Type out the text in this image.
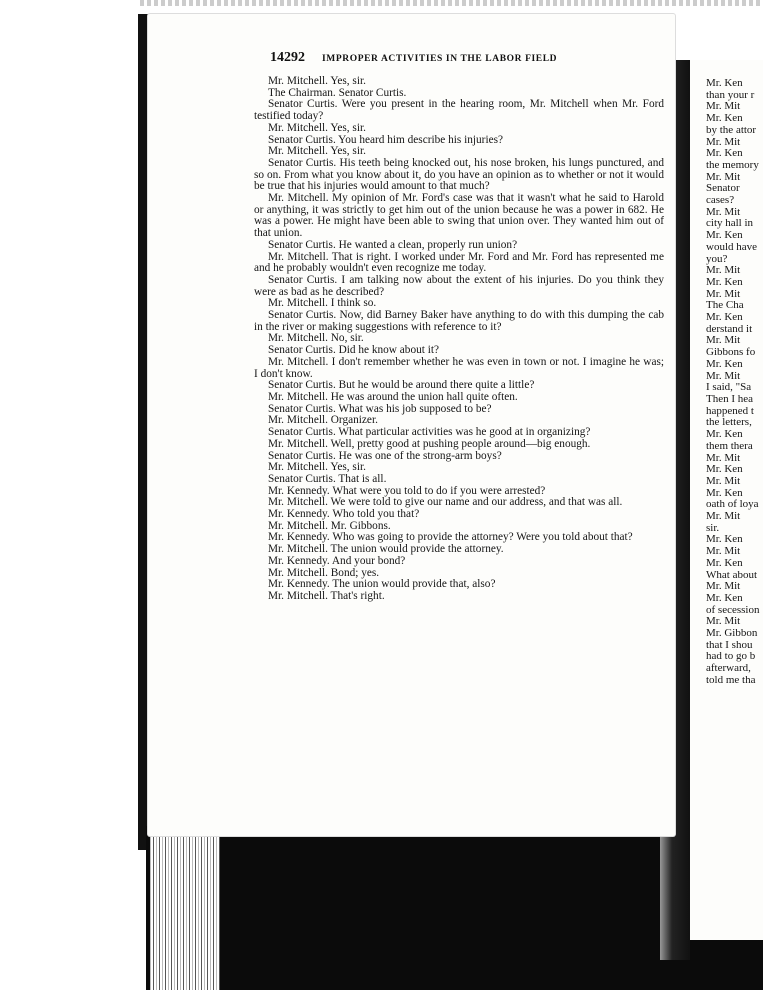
14292 IMPROPER ACTIVITIES IN THE LABOR FIELD

Mr. Mitchell. Yes, sir.

The Chairman. Senator Curtis.

Senator Curtis. Were you present in the hearing room, Mr. Mitchell when Mr. Ford testified today?

Mr. Mitchell. Yes, sir.

Senator Curtis. You heard him describe his injuries?

Mr. Mitchell. Yes, sir.

Senator Curtis. His teeth being knocked out, his nose broken, his lungs punctured, and so on. From what you know about it, do you have an opinion as to whether or not it would be true that his injuries would amount to that much?

Mr. Mitchell. My opinion of Mr. Ford's case was that it wasn't what he said to Harold or anything, it was strictly to get him out of the union because he was a power in 682. He was a power. He might have been able to swing that union over. They wanted him out of that union.

Senator Curtis. He wanted a clean, properly run union?

Mr. Mitchell. That is right. I worked under Mr. Ford and Mr. Ford has represented me and he probably wouldn't even recognize me today.

Senator Curtis. I am talking now about the extent of his injuries. Do you think they were as bad as he described?

Mr. Mitchell. I think so.

Senator Curtis. Now, did Barney Baker have anything to do with this dumping the cab in the river or making suggestions with reference to it?

Mr. Mitchell. No, sir.

Senator Curtis. Did he know about it?

Mr. Mitchell. I don't remember whether he was even in town or not. I imagine he was; I don't know.

Senator Curtis. But he would be around there quite a little?

Mr. Mitchell. He was around the union hall quite often.

Senator Curtis. What was his job supposed to be?

Mr. Mitchell. Organizer.

Senator Curtis. What particular activities was he good at in organizing?

Mr. Mitchell. Well, pretty good at pushing people around—big enough.

Senator Curtis. He was one of the strong-arm boys?

Mr. Mitchell. Yes, sir.

Senator Curtis. That is all.

Mr. Kennedy. What were you told to do if you were arrested?

Mr. Mitchell. We were told to give our name and our address, and that was all.

Mr. Kennedy. Who told you that?

Mr. Mitchell. Mr. Gibbons.

Mr. Kennedy. Who was going to provide the attorney? Were you told about that?

Mr. Mitchell. The union would provide the attorney.

Mr. Kennedy. And your bond?

Mr. Mitchell. Bond; yes.

Mr. Kennedy. The union would provide that, also?

Mr. Mitchell. That's right.

Mr. Ken
than your r
Mr. Mit
Mr. Ken
by the attor
Mr. Mit
Mr. Ken
the memory
Mr. Mit
Senator
cases?
Mr. Mit
city hall in
Mr. Ken
would have
you?
Mr. Mit
Mr. Ken
Mr. Mit
The Cha
Mr. Ken
derstand it
Mr. Mit
Gibbons fo
Mr. Ken
Mr. Mit
I said, "Sa
Then I hea
happened t
the letters,
Mr. Ken
them thera
Mr. Mit
Mr. Ken
Mr. Mit
Mr. Ken
oath of loya
Mr. Mit
sir.
Mr. Ken
Mr. Mit
Mr. Ken
What about
Mr. Mit
Mr. Ken
of secession
Mr. Mit
Mr. Gibbon
that I shou
had to go b
afterward,
told me tha
